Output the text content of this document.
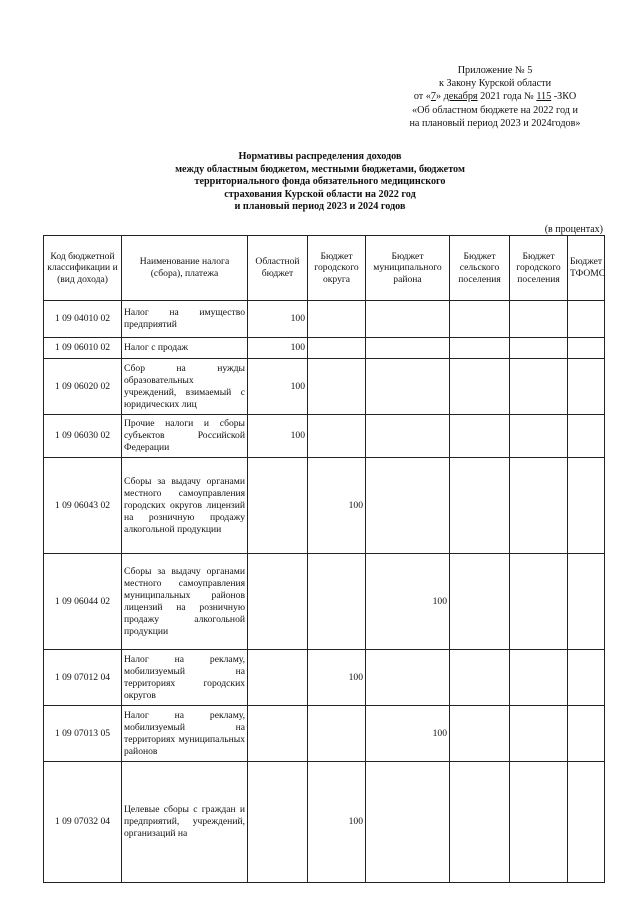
Приложение № 5
к Закону Курской области
от «7» декабря 2021 года № 115 -ЗКО
«Об областном бюджете на 2022 год и
на плановый период 2023 и 2024годов»
Нормативы распределения доходов
между областным бюджетом, местными бюджетами, бюджетом
территориального фонда обязательного медицинского
страхования Курской области на 2022 год
и плановый период 2023 и 2024 годов
(в процентах)
Код бюджетной классификации и (вид дохода)	Наименование налога (сбора), платежа	Областной бюджет	Бюджет городского округа	Бюджет муниципального района	Бюджет сельского поселения	Бюджет городского поселения	Бюджет ТФОМС
1 09 04010 02	Налог на имущество предприятий	100					
1 09 06010 02	Налог с продаж	100					
1 09 06020 02	Сбор на нужды образовательных учреждений, взимаемый с юридических лиц	100					
1 09 06030 02	Прочие налоги и сборы субъектов Российской Федерации	100					
1 09 06043 02	Сборы за выдачу органами местного самоуправления городских округов лицензий на розничную продажу алкогольной продукции		100				
1 09 06044 02	Сборы за выдачу органами местного самоуправления муниципальных районов лицензий на розничную продажу алкогольной продукции			100			
1 09 07012 04	Налог на рекламу, мобилизуемый на территориях городских округов		100				
1 09 07013 05	Налог на рекламу, мобилизуемый на территориях муниципальных районов			100			
1 09 07032 04	Целевые сборы с граждан и предприятий, учреждений, организаций на		100				
